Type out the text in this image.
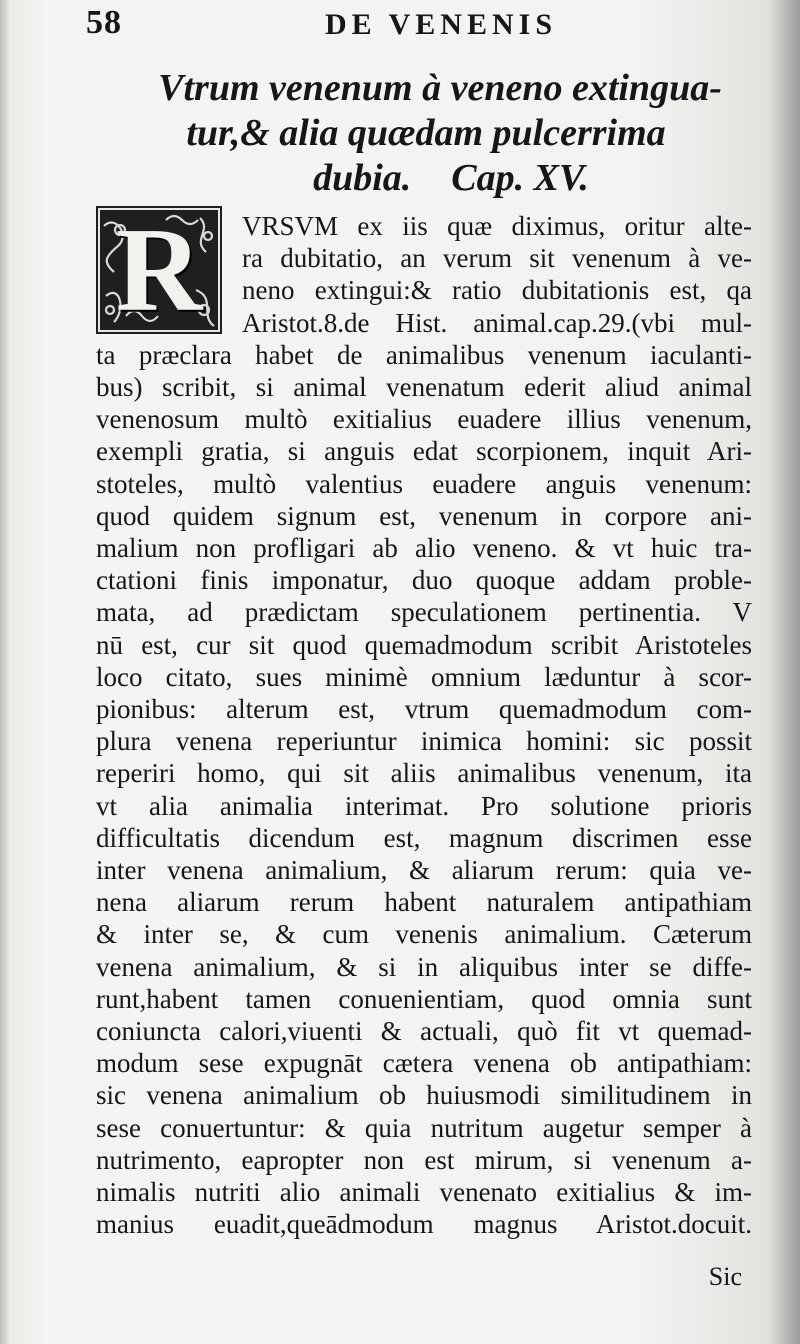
58	DE VENENIS
Vtrum venenum à veneno extingua-
tur,& alia quædam pulcerrima
dubia. Cap. XV.
R	VRSVM ex iis quæ diximus, oritur alte-
ra dubitatio, an verum sit venenum à ve-
neno extingui:& ratio dubitationis est, qa
Aristot.8.de Hist. animal.cap.29.(vbi mul-
ta præclara habet de animalibus venenum iaculanti-
bus) scribit, si animal venenatum ederit aliud animal
venenosum multò exitialius euadere illius venenum,
exempli gratia, si anguis edat scorpionem, inquit Ari-
stoteles, multò valentius euadere anguis venenum:
quod quidem signum est, venenum in corpore ani-
malium non profligari ab alio veneno. & vt huic tra-
ctationi finis imponatur, duo quoque addam proble-
mata, ad prædictam speculationem pertinentia. V
nū est, cur sit quod quemadmodum scribit Aristoteles
loco citato, sues minimè omnium læduntur à scor-
pionibus: alterum est, vtrum quemadmodum com-
plura venena reperiuntur inimica homini: sic possit
reperiri homo, qui sit aliis animalibus venenum, ita
vt alia animalia interimat. Pro solutione prioris
difficultatis dicendum est, magnum discrimen esse
inter venena animalium, & aliarum rerum: quia ve-
nena aliarum rerum habent naturalem antipathiam
& inter se, & cum venenis animalium. Cæterum
venena animalium, & si in aliquibus inter se diffe-
runt,habent tamen conuenientiam, quod omnia sunt
coniuncta calori,viuenti & actuali, quò fit vt quemad-
modum sese expugnāt cætera venena ob antipathiam:
sic venena animalium ob huiusmodi similitudinem in
sese conuertuntur: & quia nutritum augetur semper à
nutrimento, eapropter non est mirum, si venenum a-
nimalis nutriti alio animali venenato exitialius & im-
manius euadit,queādmodum magnus Aristot.docuit.
Sic
